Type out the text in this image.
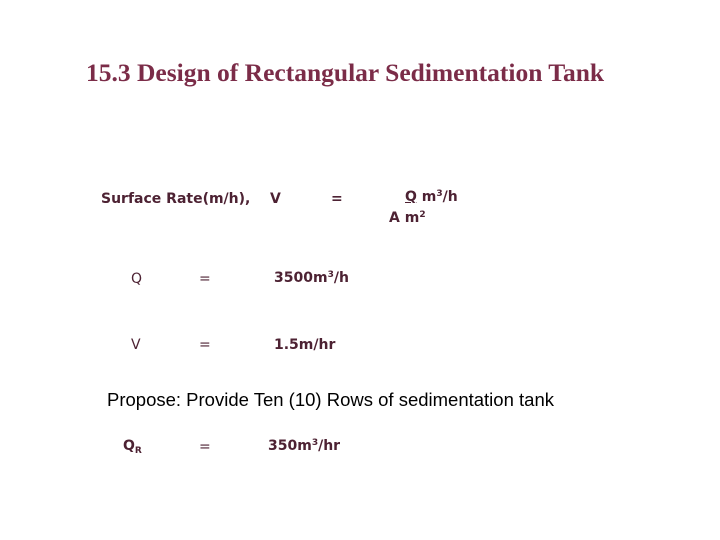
15.3 Design of Rectangular Sedimentation Tank
Surface Rate(m/h), V	=	Q $m^3/h$
A $m^2$
Q	=	$3500m^3/h$
V	=	1.5m/hr
Propose: Provide Ten (10) Rows of sedimentation tank
$Q_R$	=	$350m^3/hr$
